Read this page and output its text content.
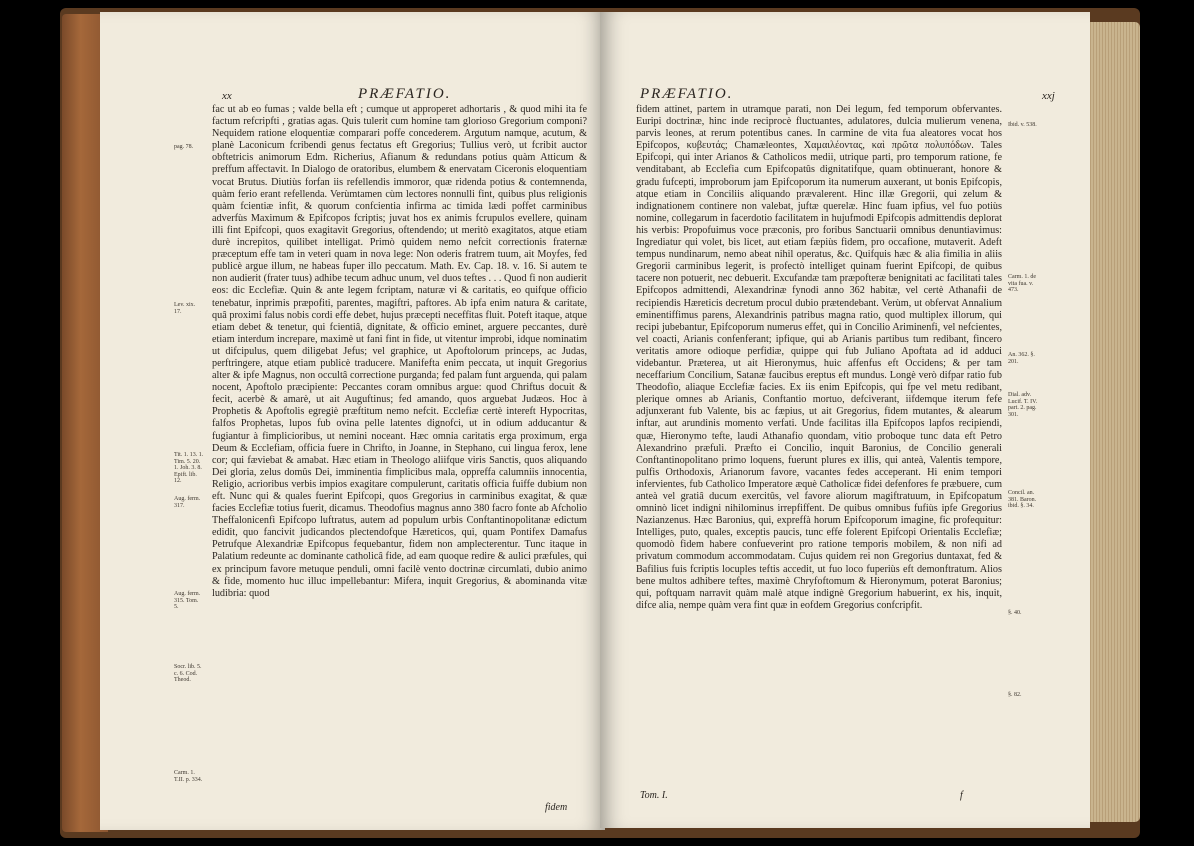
xx	PRÆFATIO.
pag. 78.
Lev. xix. 17.
Tit. 1. 13. 1. Tim. 5. 20. 1. Joh. 3. 8. Epift. lib. 12.
Aug. ferm. 317.
Aug. ferm. 315. Tom. 5.
Socr. lib. 5. c. 6. Cod. Theod.
Carm. 1. T.II. p. 334.

fac ut ab eo fumas ; valde bella eft ; cumque ut approperet adhortaris , & quod mihi ita fe factum refcripfti , gratias agas. Quis tulerit cum homine tam glorioso Gregorium componi? Nequidem ratione eloquentiæ comparari poffe concederem. Argutum namque, acutum, & planè Laconicum fcribendi genus fectatus eft Gregorius; Tullius verò, ut fcribit auctor obftetricis animorum Edm. Richerius, Afianum & redundans potius quàm Atticum & preffum affectavit. In Dialogo de oratoribus, elumbem & enervatam Ciceronis eloquentiam vocat Brutus. Diutiùs forfan iis refellendis immoror, quæ ridenda potius & contemnenda, quàm ferio erant refellenda. Verùmtamen cùm lectores nonnulli fint, quibus plus religionis quàm fcientiæ infit, & quorum confcientia infirma ac timida lædi poffet carminibus adverfùs Maximum & Epifcopos fcriptis; juvat hos ex animis fcrupulos evellere, quinam illi fint Epifcopi, quos exagitavit Gregorius, oftendendo; ut meritò exagitatos, atque etiam durè increpitos, quilibet intelligat. Primò quidem nemo nefcit correctionis fraternæ præceptum effe tam in veteri quam in nova lege: Non oderis fratrem tuum, ait Moyfes, fed publicè argue illum, ne habeas fuper illo peccatum. Math. Ev. Cap. 18. v. 16. Si autem te non audierit (frater tuus) adhibe tecum adhuc unum, vel duos teftes . . . Quod fi non audierit eos: dic Ecclefiæ. Quin & ante legem fcriptam, naturæ vi & caritatis, eo quifque officio tenebatur, inprimis præpofiti, parentes, magiftri, paftores. Ab ipfa enim natura & caritate, quâ proximi falus nobis cordi effe debet, hujus præcepti neceffitas fluit. Poteft itaque, atque etiam debet & tenetur, qui fcientiâ, dignitate, & officio eminet, arguere peccantes, durè etiam interdum increpare, maximè ut fani fint in fide, ut vitentur improbi, idque nominatim ut difcipulus, quem diligebat Jefus; vel graphice, ut Apoftolorum princeps, ac Judas, perftringere, atque etiam publicè traducere. Manifefta enim peccata, ut inquit Gregorius alter & ipfe Magnus, non occultâ correctione purganda; fed palam funt arguenda, qui palam nocent, Apoftolo præcipiente: Peccantes coram omnibus argue: quod Chriftus docuit & fecit, acerbè & amarè, ut ait Auguftinus; fed amando, quos arguebat Judæos. Hoc à Prophetis & Apoftolis egregiè præftitum nemo nefcit. Ecclefiæ certè intereft Hypocritas, falfos Prophetas, lupos fub ovina pelle latentes dignofci, ut in odium adducantur & fugiantur à fimplicioribus, ut nemini noceant. Hæc omnia caritatis erga proximum, erga Deum & Ecclefiam, officia fuere in Chrifto, in Joanne, in Stephano, cui lingua ferox, lene cor; qui fæviebat & amabat. Hæc etiam in Theologo aliifque viris Sanctis, quos aliquando Dei gloria, zelus domûs Dei, imminentia fimplicibus mala, oppreffa calumniis innocentia, Religio, acrioribus verbis impios exagitare compulerunt, caritatis officia fuiffe dubium non eft. Nunc qui & quales fuerint Epifcopi, quos Gregorius in carminibus exagitat, & quæ facies Ecclefiæ totius fuerit, dicamus. Theodofius magnus anno 380 facro fonte ab Afcholio Theffalonicenfi Epifcopo luftratus, autem ad populum urbis Conftantinopolitanæ edictum edidit, quo fancivit judicandos plectendofque Hæreticos, qui, quam Pontifex Damafus Petrufque Alexandriæ Epifcopus fequebantur, fidem non amplecterentur. Tunc itaque in Palatium redeunte ac dominante catholicâ fide, ad eam quoque redire & aulici præfules, qui ex principum favore metuque penduli, omni facilè vento doctrinæ circumlati, dubio animo & fide, momento huc illuc impellebantur: Mifera, inquit Gregorius, & abominanda vitæ ludibria: quod

fidem
PRÆFATIO.	xxj

fidem attinet, partem in utramque parati, non Dei legum, fed temporum obfervantes. Euripi doctrinæ, hinc inde reciprocè fluctuantes, adulatores, dulcia mulierum venena, parvis leones, at rerum potentibus canes. In carmine de vita fua aleatores vocat hos Epifcopos, κυβευτάς; Chamæleontes, Χαμαιλέοντας, καὶ πρῶτα πολυπόδων. Tales Epifcopi, qui inter Arianos & Catholicos medii, utrique parti, pro temporum ratione, fe venditabant, ab Ecclefia cum Epifcopatûs dignitatifque, quam obtinuerant, honore & gradu fufcepti, improborum jam Epifcoporum ita numerum auxerant, ut bonis Epifcopis, atque etiam in Conciliis aliquando prævalerent. Hinc illæ Gregorii, qui zelum & indignationem continere non valebat, juftæ querelæ. Hinc fuam ipfius, vel fuo potiùs nomine, collegarum in facerdotio facilitatem in hujufmodi Epifcopis admittendis deplorat his verbis: Propofuimus voce præconis, pro foribus Sanctuarii omnibus denuntiavimus: Ingrediatur qui volet, bis licet, aut etiam fæpiùs fidem, pro occafione, mutaverit. Adeft tempus nundinarum, nemo abeat nihil operatus, &c. Quifquis hæc & alia fimilia in aliis Gregorii carminibus legerit, is profectò intelliget quinam fuerint Epifcopi, de quibus tacere non potuerit, nec debuerit. Excufandæ tam præpofteræ benignitati ac facilitati tales Epifcopos admittendi, Alexandrinæ fynodi anno 362 habitæ, vel certè Athanafii de recipiendis Hæreticis decretum procul dubio prætendebant. Verùm, ut obfervat Annalium eminentiffimus parens, Alexandrinis patribus magna ratio, quod multiplex illorum, qui recipi jubebantur, Epifcoporum numerus effet, qui in Concilio Ariminenfi, vel nefcientes, vel coacti, Arianis confenferant; ipfique, qui ab Arianis partibus tum redibant, fincero veritatis amore odioque perfidiæ, quippe qui fub Juliano Apoftata ad id adduci videbantur. Præterea, ut ait Hieronymus, huic affenfus eft Occidens; & per tam neceffarium Concilium, Satanæ faucibus ereptus eft mundus. Longè verò difpar ratio fub Theodofio, aliaque Ecclefiæ facies. Ex iis enim Epifcopis, qui fpe vel metu redibant, plerique omnes ab Arianis, Conftantio mortuo, defciverant, iifdemque iterum fefe adjunxerant fub Valente, bis ac fæpius, ut ait Gregorius, fidem mutantes, & alearum inftar, aut arundinis momento verfati. Unde facilitas illa Epifcopos lapfos recipiendi, quæ, Hieronymo tefte, laudi Athanafio quondam, vitio proboque tunc data eft Petro Alexandrino præfuli. Præfto ei Concilio, inquit Baronius, de Concilio generali Conftantinopolitano primo loquens, fuerunt plures ex illis, qui anteà, Valentis tempore, pulfis Orthodoxis, Arianorum favore, vacantes fedes acceperant. Hi enim tempori infervientes, fub Catholico Imperatore æquè Catholicæ fidei defenfores fe præbuere, cum anteà vel gratiâ ducum exercitûs, vel favore aliorum magiftratuum, in Epifcopatum omninò licet indigni nihilominus irrepfiffent. De quibus omnibus fufiùs ipfe Gregorius Nazianzenus. Hæc Baronius, qui, expreffà horum Epifcoporum imagine, fic profequitur: Intelliges, puto, quales, exceptis paucis, tunc effe folerent Epifcopi Orientalis Ecclefiæ; quomodò fidem habere confueverint pro ratione temporis mobilem, & non nifi ad privatum commodum accommodatam. Cujus quidem rei non Gregorius duntaxat, fed & Bafilius fuis fcriptis locuples teftis accedit, ut fuo loco fuperiùs eft demonftratum. Alios bene multos adhibere teftes, maximè Chryfoftomum & Hieronymum, poterat Baronius; qui, poftquam narravit quàm malè atque indignè Gregorium habuerint, ex his, inquit, difce alia, nempe quàm vera fint quæ in eofdem Gregorius confcripfit.

Ibid. v. 538.
Carm. 1. de vita fua. v. 473.
An. 362. §. 201.
Dial. adv. Lucif. T. IV. part. 2. pag. 301.
Concil. an. 381. Baron. ibid. §. 34.
§. 40.
§. 82.
Tom. I.	f
